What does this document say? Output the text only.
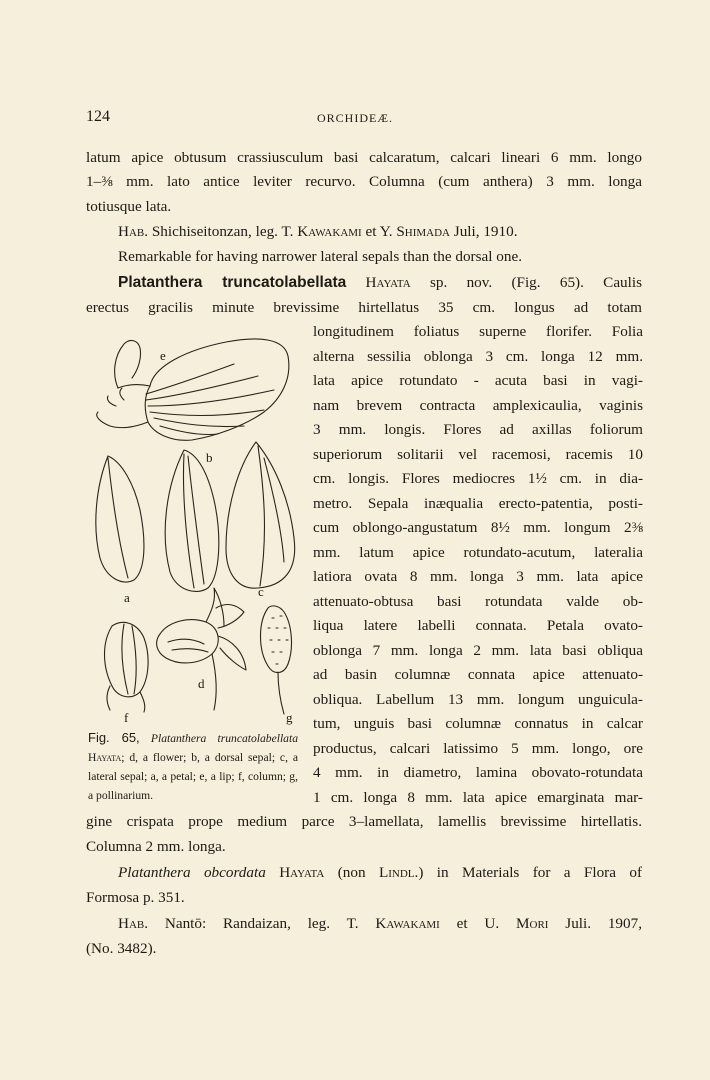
124	ORCHIDEÆ.
latum apice obtusum crassiusculum basi calcaratum, calcari lineari 6 mm. longo
1–⅜ mm. lato antice leviter recurvo. Columna (cum anthera) 3 mm. longa
totiusque lata.
Hab. Shichiseitonzan, leg. T. Kawakami et Y. Shimada Juli, 1910.
Remarkable for having narrower lateral sepals than the dorsal one.
Platanthera truncatolabellata Hayata sp. nov. (Fig. 65). Caulis
erectus gracilis minute brevissime hirtellatus 35 cm. longus ad totam
longitudinem foliatus superne florifer. Folia
alterna sessilia oblonga 3 cm. longa 12 mm.
lata apice rotundato - acuta basi in vagi-
nam brevem contracta amplexicaulia, vaginis
3 mm. longis. Flores ad axillas foliorum
superiorum solitarii vel racemosi, racemis 10
cm. longis. Flores mediocres 1½ cm. in dia-
metro. Sepala inæqualia erecto-patentia, posti-
cum oblongo-angustatum 8½ mm. longum 2⅜
mm. latum apice rotundato-acutum, lateralia
latiora ovata 8 mm. longa 3 mm. lata apice
attenuato-obtusa basi rotundata valde ob-
liqua latere labelli connata. Petala ovato-
oblonga 7 mm. longa 2 mm. lata basi obliqua
ad basin columnæ connata apice attenuato-
obliqua. Labellum 13 mm. longum unguicula-
tum, unguis basi columnæ connatus in calcar
productus, calcari latissimo 5 mm. longo, ore
4 mm. in diametro, lamina obovato-rotundata
1 cm. longa 8 mm. lata apice emarginata mar-
gine crispata prope medium parce 3–lamellata, lamellis brevissime hirtellatis.
Columna 2 mm. longa.
Platanthera obcordata Hayata (non Lindl.) in Materials for a Flora of
Formosa p. 351.
Hab. Nantō: Randaizan, leg. T. Kawakami et U. Mori Juli. 1907,
(No. 3482).
e
b
a	c
d
f	g
Fig. 65, Platanthera truncatolabellata Hayata; d, a flower; b, a dorsal sepal; c, a lateral sepal; a, a petal; e, a lip; f, column; g, a pollinarium.
